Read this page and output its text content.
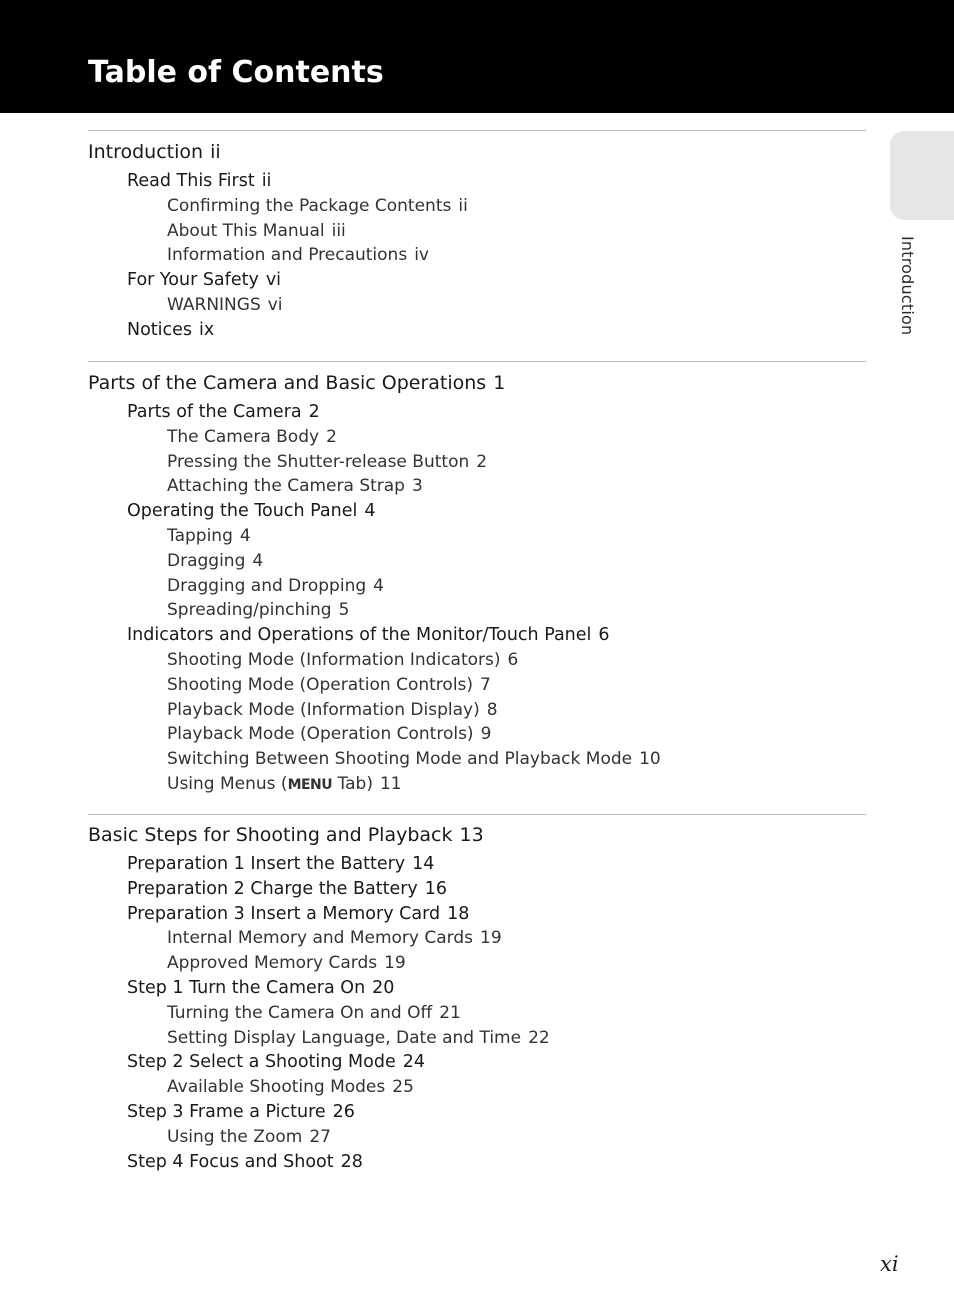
Table of Contents
Introduction
Introduction ii
Read This First ii
Confirming the Package Contents ii
About This Manual iii
Information and Precautions iv
For Your Safety vi
WARNINGS vi
Notices ix
Parts of the Camera and Basic Operations 1
Parts of the Camera 2
The Camera Body 2
Pressing the Shutter-release Button 2
Attaching the Camera Strap 3
Operating the Touch Panel 4
Tapping 4
Dragging 4
Dragging and Dropping 4
Spreading/pinching 5
Indicators and Operations of the Monitor/Touch Panel 6
Shooting Mode (Information Indicators) 6
Shooting Mode (Operation Controls) 7
Playback Mode (Information Display) 8
Playback Mode (Operation Controls) 9
Switching Between Shooting Mode and Playback Mode 10
Using Menus (MENU Tab) 11
Basic Steps for Shooting and Playback 13
Preparation 1 Insert the Battery 14
Preparation 2 Charge the Battery 16
Preparation 3 Insert a Memory Card 18
Internal Memory and Memory Cards 19
Approved Memory Cards 19
Step 1 Turn the Camera On 20
Turning the Camera On and Off 21
Setting Display Language, Date and Time 22
Step 2 Select a Shooting Mode 24
Available Shooting Modes 25
Step 3 Frame a Picture 26
Using the Zoom 27
Step 4 Focus and Shoot 28
xi
